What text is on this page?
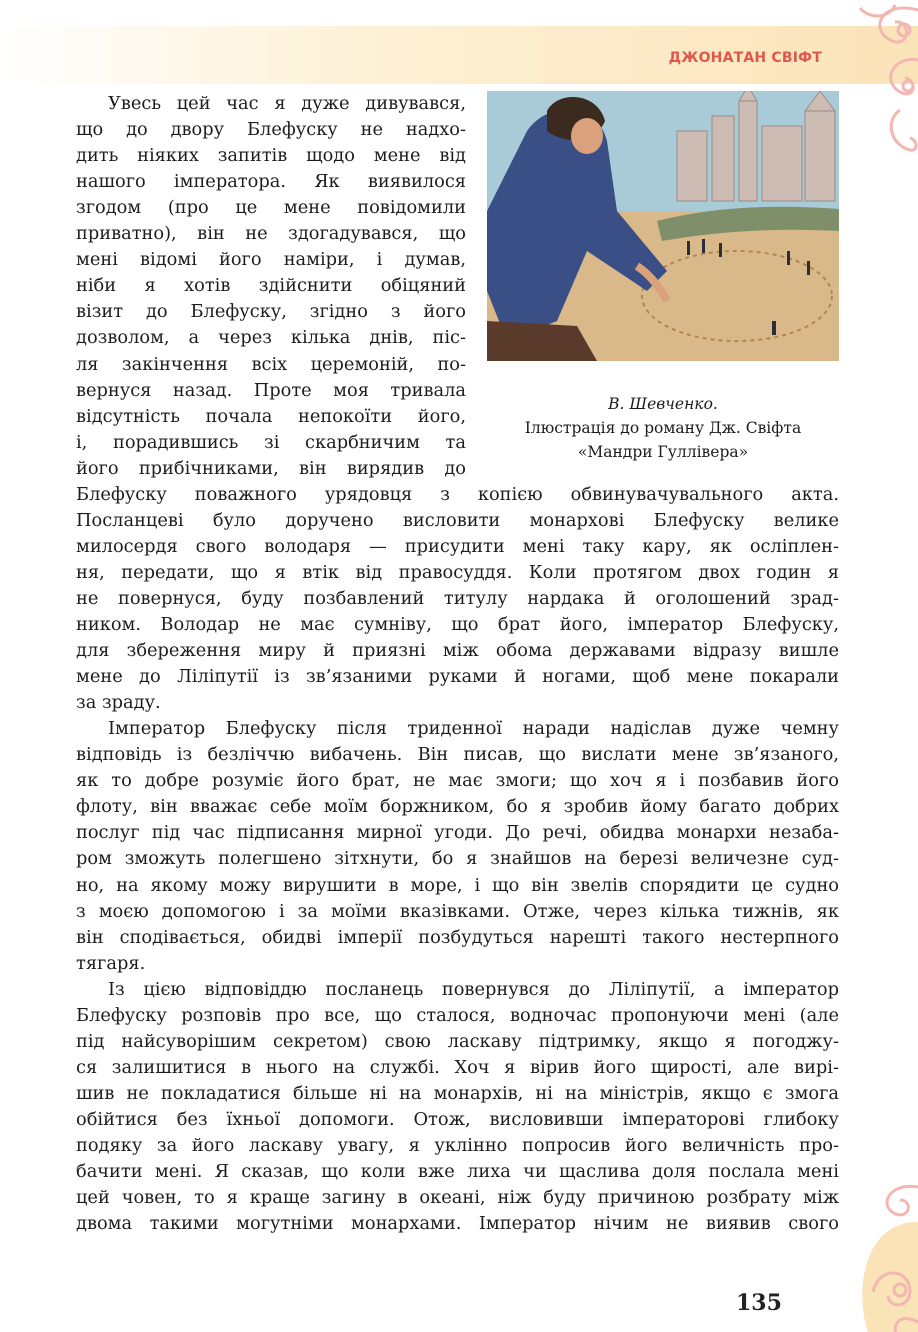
ДЖОНАТАН СВІФТ
В. Шевченко.
Ілюстрація до роману Дж. Свіфта
«Мандри Гуллівера»
Увесь цей час я дуже дивувався,
що до двору Блефуску не надхо-
дить ніяких запитів щодо мене від
нашого імператора. Як виявилося
згодом (про це мене повідомили
приватно), він не здогадувався, що
мені відомі його наміри, і думав,
ніби я хотів здійснити обіцяний
візит до Блефуску, згідно з його
дозволом, а через кілька днів, піс-
ля закінчення всіх церемоній, по-
вернуся назад. Проте моя тривала
відсутність почала непокоїти його,
і, порадившись зі скарбничим та
його прибічниками, він вирядив до
Блефуску поважного урядовця з копією обвинувачувального акта.
Посланцеві було доручено висловити монархові Блефуску велике
милосердя свого володаря — присудити мені таку кару, як осліплен-
ня, передати, що я втік від правосуддя. Коли протягом двох годин я
не повернуся, буду позбавлений титулу нардака й оголошений зрад-
ником. Володар не має сумніву, що брат його, імператор Блефуску,
для збереження миру й приязні між обома державами відразу вишле
мене до Ліліпутії із зв’язаними руками й ногами, щоб мене покарали
за зраду.
Імператор Блефуску після триденної наради надіслав дуже чемну
відповідь із безліччю вибачень. Він писав, що вислати мене зв’язаного,
як то добре розуміє його брат, не має змоги; що хоч я і позбавив його
флоту, він вважає себе моїм боржником, бо я зробив йому багато добрих
послуг під час підписання мирної угоди. До речі, обидва монархи незаба-
ром зможуть полегшено зітхнути, бо я знайшов на березі величезне суд-
но, на якому можу вирушити в море, і що він звелів спорядити це судно
з моєю допомогою і за моїми вказівками. Отже, через кілька тижнів, як
він сподівається, обидві імперії позбудуться нарешті такого нестерпного
тягаря.
Із цією відповіддю посланець повернувся до Ліліпутії, а імператор
Блефуску розповів про все, що сталося, водночас пропонуючи мені (але
під найсуворішим секретом) свою ласкаву підтримку, якщо я погоджу-
ся залишитися в нього на службі. Хоч я вірив його щирості, але вирі-
шив не покладатися більше ні на монархів, ні на міністрів, якщо є змога
обійтися без їхньої допомоги. Отож, висловивши імператорові глибоку
подяку за його ласкаву увагу, я уклінно попросив його величність про-
бачити мені. Я сказав, що коли вже лиха чи щаслива доля послала мені
цей човен, то я краще загину в океані, ніж буду причиною розбрату між
двома такими могутніми монархами. Імператор нічим не виявив свого
135
